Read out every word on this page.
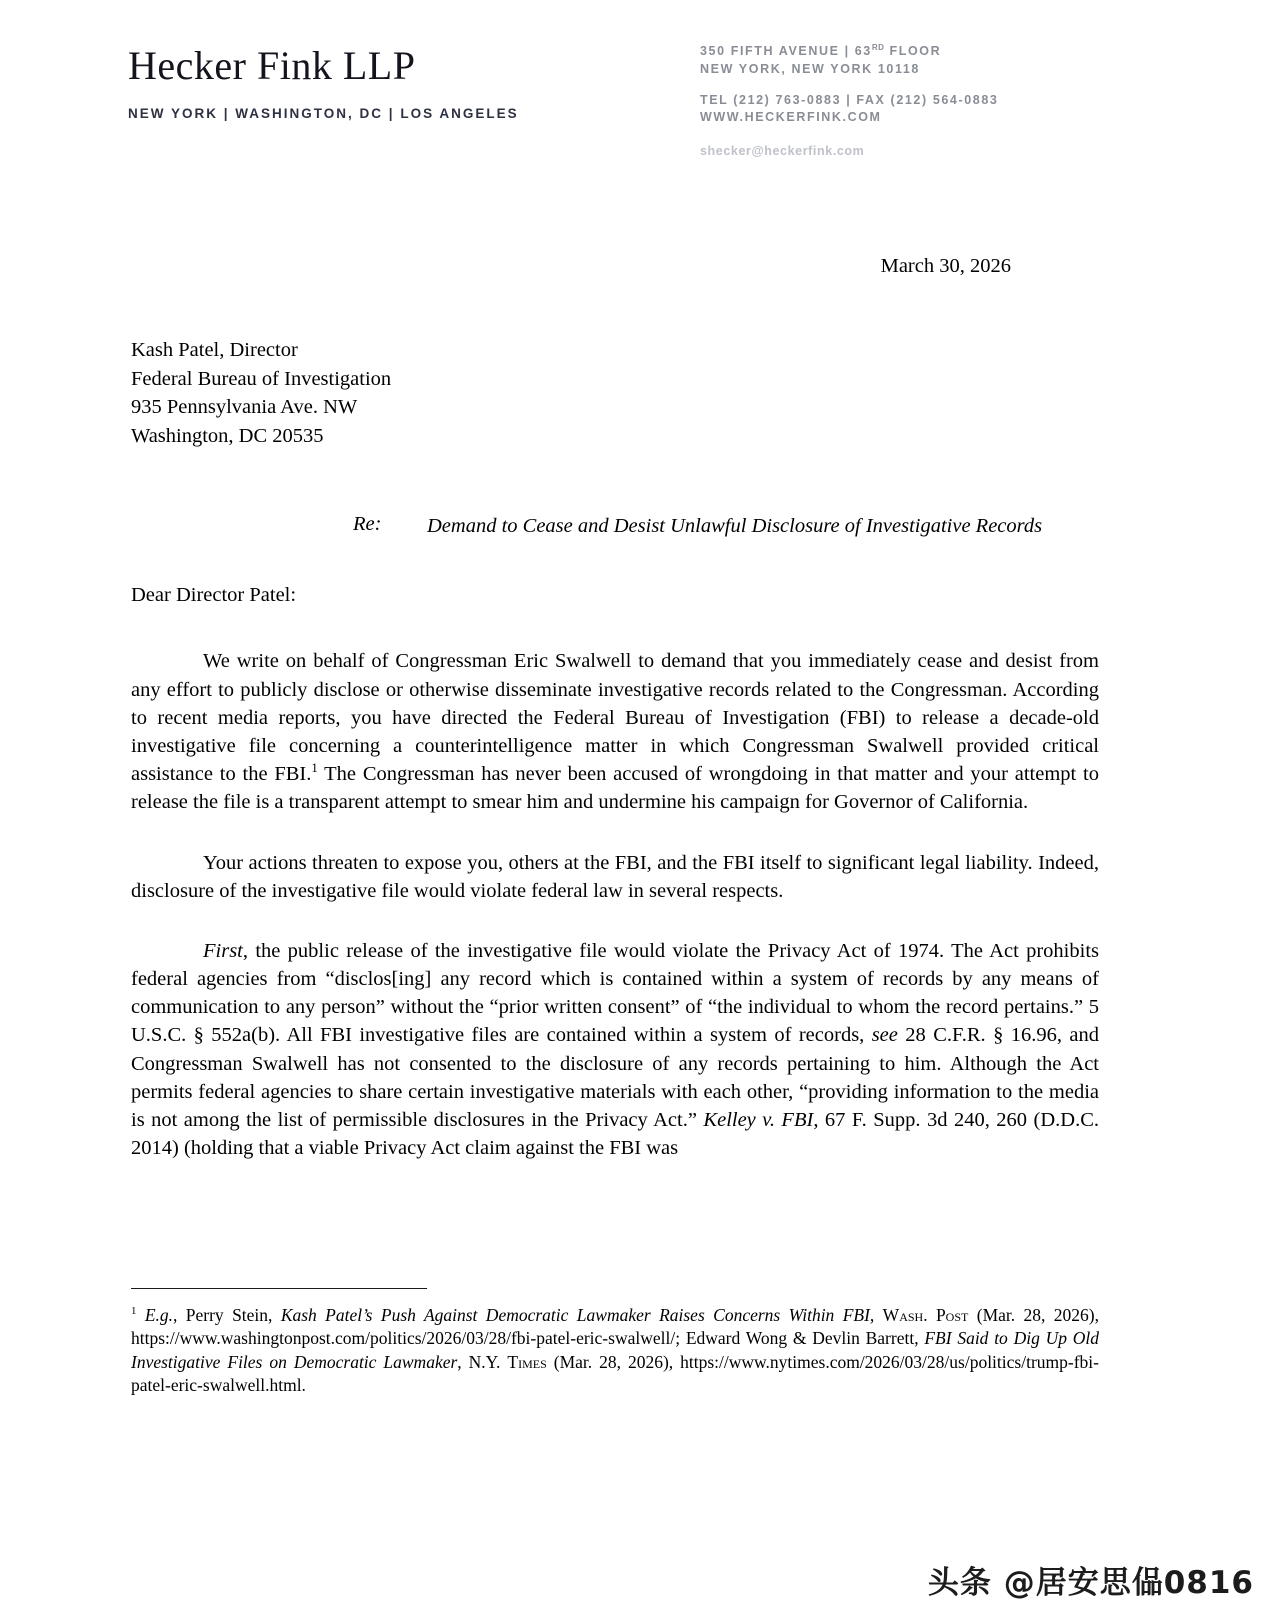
Hecker Fink LLP
NEW YORK | WASHINGTON, DC | LOS ANGELES
350 FIFTH AVENUE | 63RD FLOOR
NEW YORK, NEW YORK 10118
TEL (212) 763-0883 | FAX (212) 564-0883
WWW.HECKERFINK.COM
shecker@heckerfink.com
March 30, 2026
Kash Patel, Director
Federal Bureau of Investigation
935 Pennsylvania Ave. NW
Washington, DC 20535
Re:	Demand to Cease and Desist Unlawful Disclosure of Investigative Records
Dear Director Patel:

We write on behalf of Congressman Eric Swalwell to demand that you immediately cease and desist from any effort to publicly disclose or otherwise disseminate investigative records related to the Congressman. According to recent media reports, you have directed the Federal Bureau of Investigation (FBI) to release a decade-old investigative file concerning a counterintelligence matter in which Congressman Swalwell provided critical assistance to the FBI.$^1$ The Congressman has never been accused of wrongdoing in that matter and your attempt to release the file is a transparent attempt to smear him and undermine his campaign for Governor of California.

Your actions threaten to expose you, others at the FBI, and the FBI itself to significant legal liability. Indeed, disclosure of the investigative file would violate federal law in several respects.

First, the public release of the investigative file would violate the Privacy Act of 1974. The Act prohibits federal agencies from “disclos[ing] any record which is contained within a system of records by any means of communication to any person” without the “prior written consent” of “the individual to whom the record pertains.” 5 U.S.C. § 552a(b). All FBI investigative files are contained within a system of records, see 28 C.F.R. § 16.96, and Congressman Swalwell has not consented to the disclosure of any records pertaining to him. Although the Act permits federal agencies to share certain investigative materials with each other, “providing information to the media is not among the list of permissible disclosures in the Privacy Act.” Kelley v. FBI, 67 F. Supp. 3d 240, 260 (D.D.C. 2014) (holding that a viable Privacy Act claim against the FBI was

$^1$ E.g., Perry Stein, Kash Patel’s Push Against Democratic Lawmaker Raises Concerns Within FBI, Wash. Post (Mar. 28, 2026), https://www.washingtonpost.com/politics/2026/03/28/fbi-patel-eric-swalwell/; Edward Wong & Devlin Barrett, FBI Said to Dig Up Old Investigative Files on Democratic Lawmaker, N.Y. Times (Mar. 28, 2026), https://www.nytimes.com/2026/03/28/us/politics/trump-fbi-patel-eric-swalwell.html.

头条 @居安思偘0816
